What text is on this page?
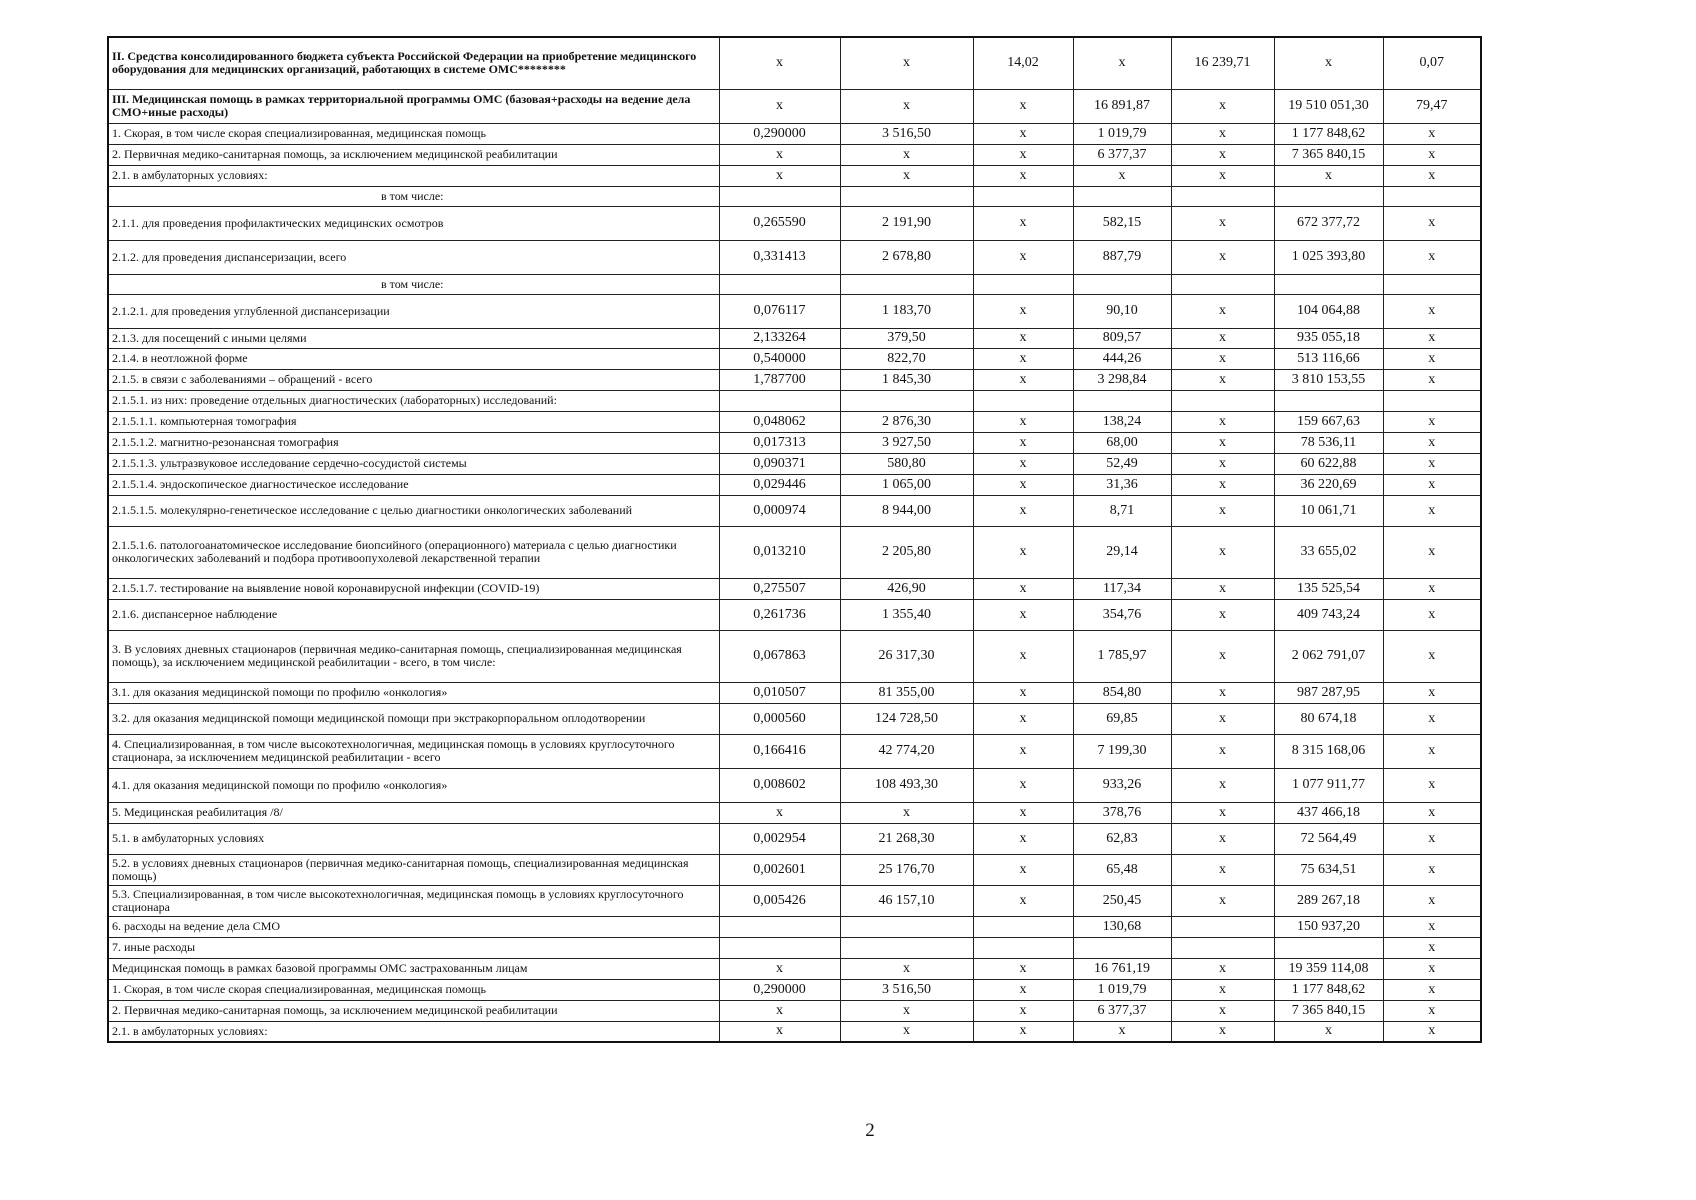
II. Средства консолидированного бюджета субъекта Российской Федерации на приобретение медицинского оборудования для медицинских организаций, работающих в системе ОМС********	x	x	14,02	x	16 239,71	x	0,07
III. Медицинская помощь в рамках территориальной программы ОМС (базовая+расходы на ведение дела СМО+иные расходы)	x	x	x	16 891,87	x	19 510 051,30	79,47
1. Скорая, в том числе скорая специализированная, медицинская помощь	0,290000	3 516,50	x	1 019,79	x	1 177 848,62	x
2. Первичная медико-санитарная помощь, за исключением медицинской реабилитации	x	x	x	6 377,37	x	7 365 840,15	x
2.1. в амбулаторных условиях:	x	x	x	x	x	x	x
в том числе:							
2.1.1. для проведения профилактических медицинских осмотров	0,265590	2 191,90	x	582,15	x	672 377,72	x
2.1.2. для проведения диспансеризации, всего	0,331413	2 678,80	x	887,79	x	1 025 393,80	x
в том числе:							
2.1.2.1. для проведения углубленной диспансеризации	0,076117	1 183,70	x	90,10	x	104 064,88	x
2.1.3. для посещений с иными целями	2,133264	379,50	x	809,57	x	935 055,18	x
2.1.4. в неотложной форме	0,540000	822,70	x	444,26	x	513 116,66	x
2.1.5. в связи с заболеваниями – обращений - всего	1,787700	1 845,30	x	3 298,84	x	3 810 153,55	x
2.1.5.1. из них: проведение отдельных диагностических (лабораторных) исследований:							
2.1.5.1.1. компьютерная томография	0,048062	2 876,30	x	138,24	x	159 667,63	x
2.1.5.1.2. магнитно-резонансная томография	0,017313	3 927,50	x	68,00	x	78 536,11	x
2.1.5.1.3. ультразвуковое исследование сердечно-сосудистой системы	0,090371	580,80	x	52,49	x	60 622,88	x
2.1.5.1.4. эндоскопическое диагностическое исследование	0,029446	1 065,00	x	31,36	x	36 220,69	x
2.1.5.1.5. молекулярно-генетическое исследование с целью диагностики онкологических заболеваний	0,000974	8 944,00	x	8,71	x	10 061,71	x
2.1.5.1.6. патологоанатомическое исследование биопсийного (операционного) материала с целью диагностики онкологических заболеваний и подбора противоопухолевой лекарственной терапии	0,013210	2 205,80	x	29,14	x	33 655,02	x
2.1.5.1.7. тестирование на выявление новой коронавирусной инфекции (COVID-19)	0,275507	426,90	x	117,34	x	135 525,54	x
2.1.6. диспансерное наблюдение	0,261736	1 355,40	x	354,76	x	409 743,24	x
3. В условиях дневных стационаров (первичная медико-санитарная помощь, специализированная медицинская помощь), за исключением медицинской реабилитации - всего, в том числе:	0,067863	26 317,30	x	1 785,97	x	2 062 791,07	x
3.1. для оказания медицинской помощи по профилю «онкология»	0,010507	81 355,00	x	854,80	x	987 287,95	x
3.2. для оказания медицинской помощи медицинской помощи при экстракорпоральном оплодотворении	0,000560	124 728,50	x	69,85	x	80 674,18	x
4. Специализированная, в том числе высокотехнологичная, медицинская помощь в условиях круглосуточного стационара, за исключением медицинской реабилитации - всего	0,166416	42 774,20	x	7 199,30	x	8 315 168,06	x
4.1. для оказания медицинской помощи по профилю «онкология»	0,008602	108 493,30	x	933,26	x	1 077 911,77	x
5. Медицинская реабилитация /8/	x	x	x	378,76	x	437 466,18	x
5.1. в амбулаторных условиях	0,002954	21 268,30	x	62,83	x	72 564,49	x
5.2. в условиях дневных стационаров (первичная медико-санитарная помощь, специализированная медицинская помощь)	0,002601	25 176,70	x	65,48	x	75 634,51	x
5.3. Специализированная, в том числе высокотехнологичная, медицинская помощь в условиях круглосуточного стационара	0,005426	46 157,10	x	250,45	x	289 267,18	x
6. расходы на ведение дела СМО				130,68		150 937,20	x
7. иные расходы							x
Медицинская помощь в рамках базовой программы ОМС застрахованным лицам	x	x	x	16 761,19	x	19 359 114,08	x
1. Скорая, в том числе скорая специализированная, медицинская помощь	0,290000	3 516,50	x	1 019,79	x	1 177 848,62	x
2. Первичная медико-санитарная помощь, за исключением медицинской реабилитации	x	x	x	6 377,37	x	7 365 840,15	x
2.1. в амбулаторных условиях:	x	x	x	x	x	x	x
2
